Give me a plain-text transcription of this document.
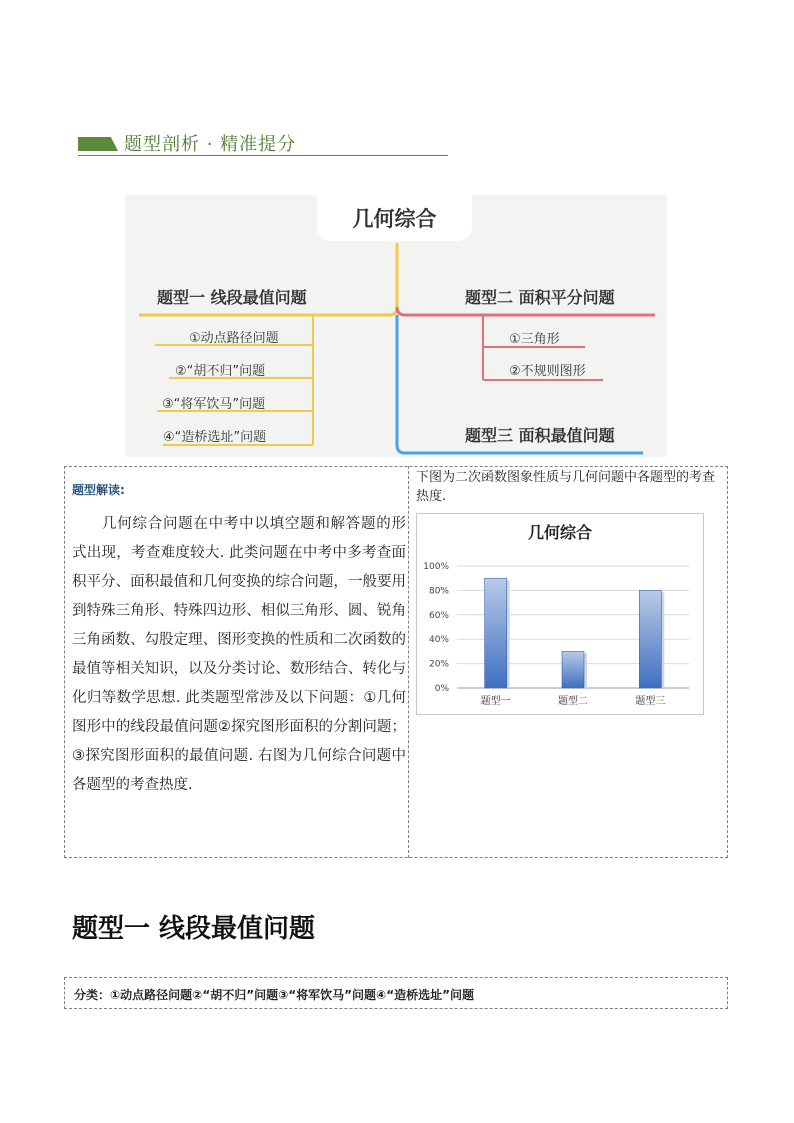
题型剖析 · 精准提分
几何综合
题型一 线段最值问题
①动点路径问题
②“胡不归”问题
③“将军饮马”问题
④“造桥选址”问题
题型二 面积平分问题
①三角形
②不规则图形
题型三 面积最值问题
题型解读:

几何综合问题在中考中以填空题和解答题的形式出现，考查难度较大. 此类问题在中考中多考查面积平分、面积最值和几何变换的综合问题，一般要用到特殊三角形、特殊四边形、相似三角形、圆、锐角三角函数、勾股定理、图形变换的性质和二次函数的最值等相关知识，以及分类讨论、数形结合、转化与化归等数学思想. 此类题型常涉及以下问题：①几何图形中的线段最值问题②探究图形面积的分割问题；③探究图形面积的最值问题. 右图为几何综合问题中各题型的考查热度.

下图为二次函数图象性质与几何问题中各题型的考查热度.

几何综合
0%
20%
40%
60%
80%
100%
题型一	题型二	题型三
题型一 线段最值问题
分类：①动点路径问题②“胡不归”问题③“将军饮马”问题④“造桥选址”问题
